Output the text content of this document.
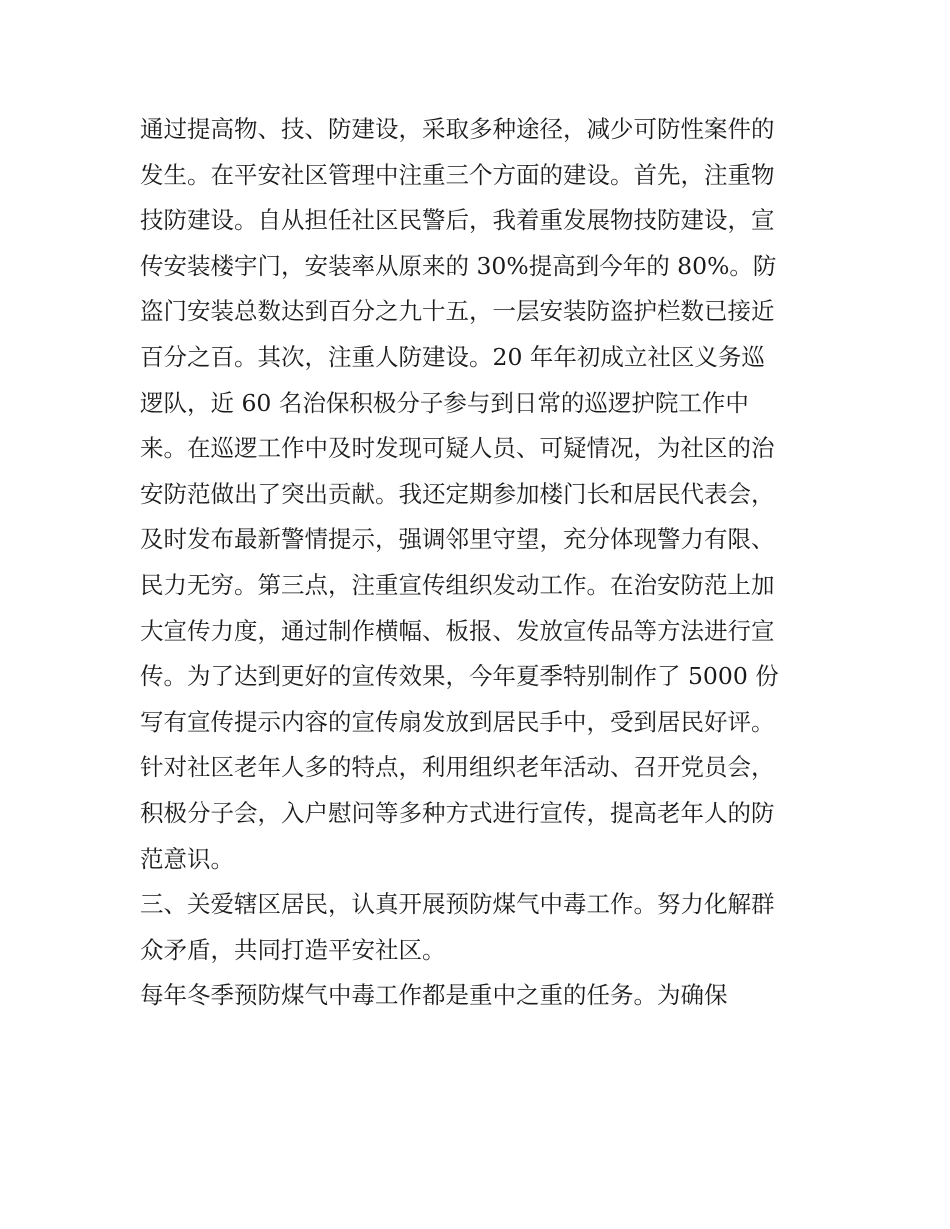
通过提高物、技、防建设，采取多种途径，减少可防性案件的
发生。在平安社区管理中注重三个方面的建设。首先，注重物
技防建设。自从担任社区民警后，我着重发展物技防建设，宣
传安装楼宇门，安装率从原来的 30%提高到今年的 80%。防
盗门安装总数达到百分之九十五，一层安装防盗护栏数已接近
百分之百。其次，注重人防建设。20 年年初成立社区义务巡
逻队，近 60 名治保积极分子参与到日常的巡逻护院工作中
来。在巡逻工作中及时发现可疑人员、可疑情况，为社区的治
安防范做出了突出贡献。我还定期参加楼门长和居民代表会，
及时发布最新警情提示，强调邻里守望，充分体现警力有限、
民力无穷。第三点，注重宣传组织发动工作。在治安防范上加
大宣传力度，通过制作横幅、板报、发放宣传品等方法进行宣
传。为了达到更好的宣传效果，今年夏季特别制作了 5000 份
写有宣传提示内容的宣传扇发放到居民手中，受到居民好评。
针对社区老年人多的特点，利用组织老年活动、召开党员会，
积极分子会，入户慰问等多种方式进行宣传，提高老年人的防
范意识。
三、关爱辖区居民，认真开展预防煤气中毒工作。努力化解群
众矛盾，共同打造平安社区。
每年冬季预防煤气中毒工作都是重中之重的任务。为确保
